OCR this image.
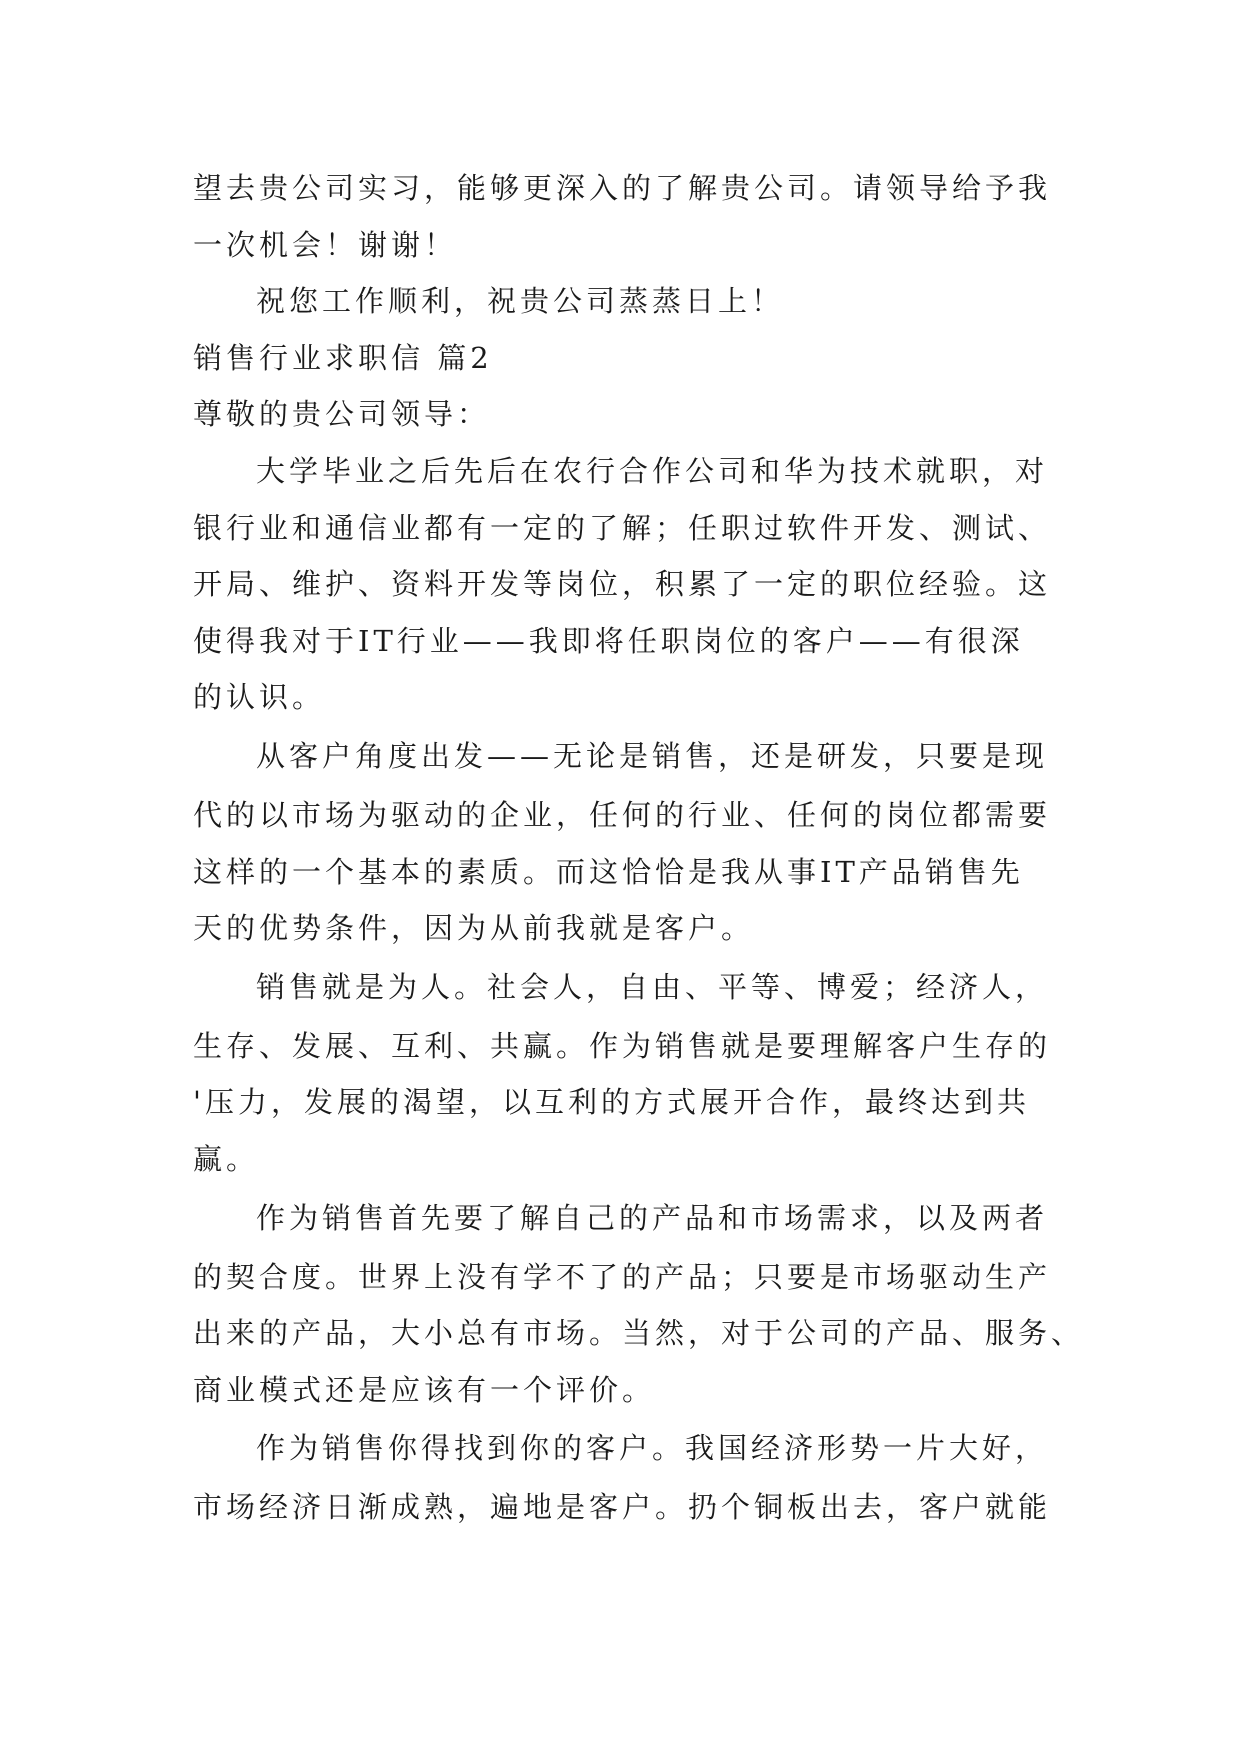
望去贵公司实习，能够更深入的了解贵公司。请领导给予我
一次机会！谢谢！
祝您工作顺利，祝贵公司蒸蒸日上！
销售行业求职信 篇2
尊敬的贵公司领导：
大学毕业之后先后在农行合作公司和华为技术就职，对
银行业和通信业都有一定的了解；任职过软件开发、测试、
开局、维护、资料开发等岗位，积累了一定的职位经验。这
使得我对于IT行业——我即将任职岗位的客户——有很深
的认识。
从客户角度出发——无论是销售，还是研发，只要是现
代的以市场为驱动的企业，任何的行业、任何的岗位都需要
这样的一个基本的素质。而这恰恰是我从事IT产品销售先
天的优势条件，因为从前我就是客户。
销售就是为人。社会人，自由、平等、博爱；经济人，
生存、发展、互利、共赢。作为销售就是要理解客户生存的
'压力，发展的渴望，以互利的方式展开合作，最终达到共
赢。
作为销售首先要了解自己的产品和市场需求，以及两者
的契合度。世界上没有学不了的产品；只要是市场驱动生产
出来的产品，大小总有市场。当然，对于公司的产品、服务、
商业模式还是应该有一个评价。
作为销售你得找到你的客户。我国经济形势一片大好，
市场经济日渐成熟，遍地是客户。扔个铜板出去，客户就能
